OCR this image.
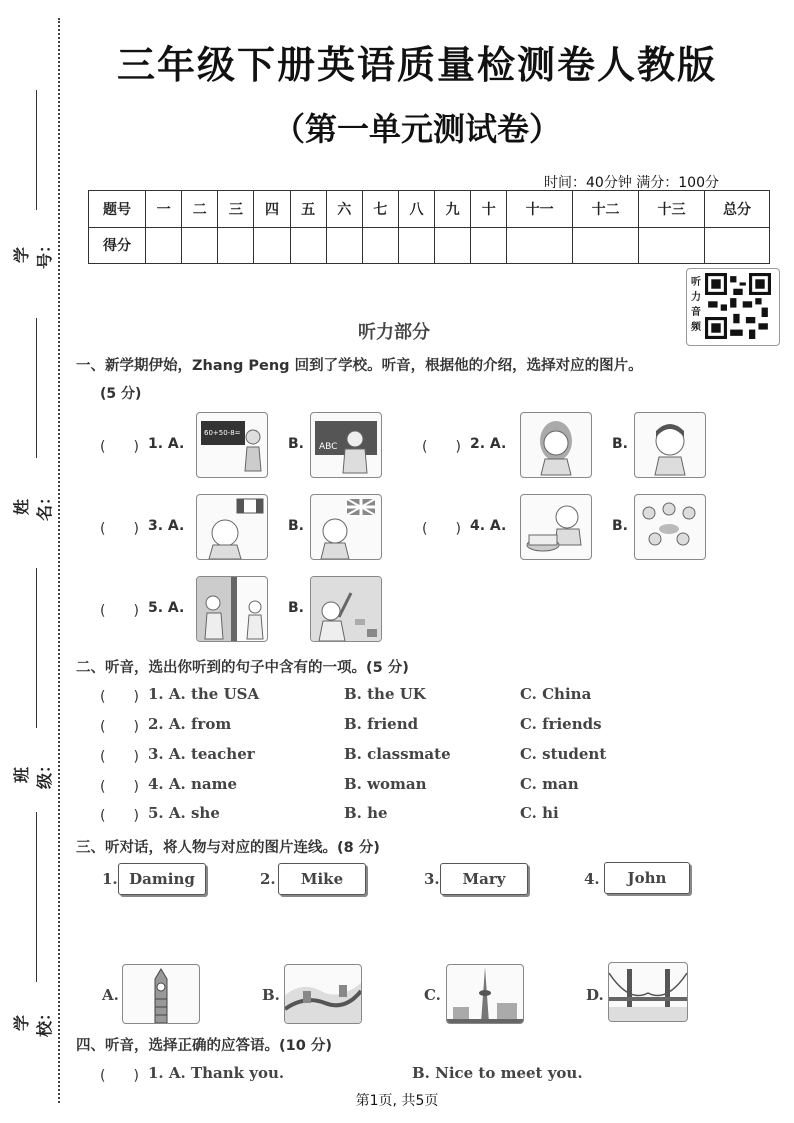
学号：
姓名：
班级：
学校：
三年级下册英语质量检测卷人教版
（第一单元测试卷）
时间：40分钟 满分：100分
题号	一	二	三	四	五	六	七	八	九	十	十一	十二	十三	总分
得分														
听力音频
听力部分
一、新学期伊始，Zhang Peng 回到了学校。听音，根据他的介绍，选择对应的图片。
(5 分)
(　　) 1. A.
60+50-8=
B. ABC	(　　) 2. A.	B.
(　　) 3. A.	B.	(　　) 4. A.	B.
(　　) 5. A.	B.
二、听音，选出你听到的句子中含有的一项。(5 分)
(　　) 1. A. the USA	B. the UK	C. China
(　　) 2. A. from	B. friend	C. friends
(　　) 3. A. teacher	B. classmate	C. student
(　　) 4. A. name	B. woman	C. man
(　　) 5. A. she	B. he	C. hi
三、听对话，将人物与对应的图片连线。(8 分)
1. Daming	2.	Mike	3.	Mary	4.	John
A.	B.	C.	D.
四、听音，选择正确的应答语。(10 分)
(　　) 1. A. Thank you.	B. Nice to meet you.
第1页, 共5页
